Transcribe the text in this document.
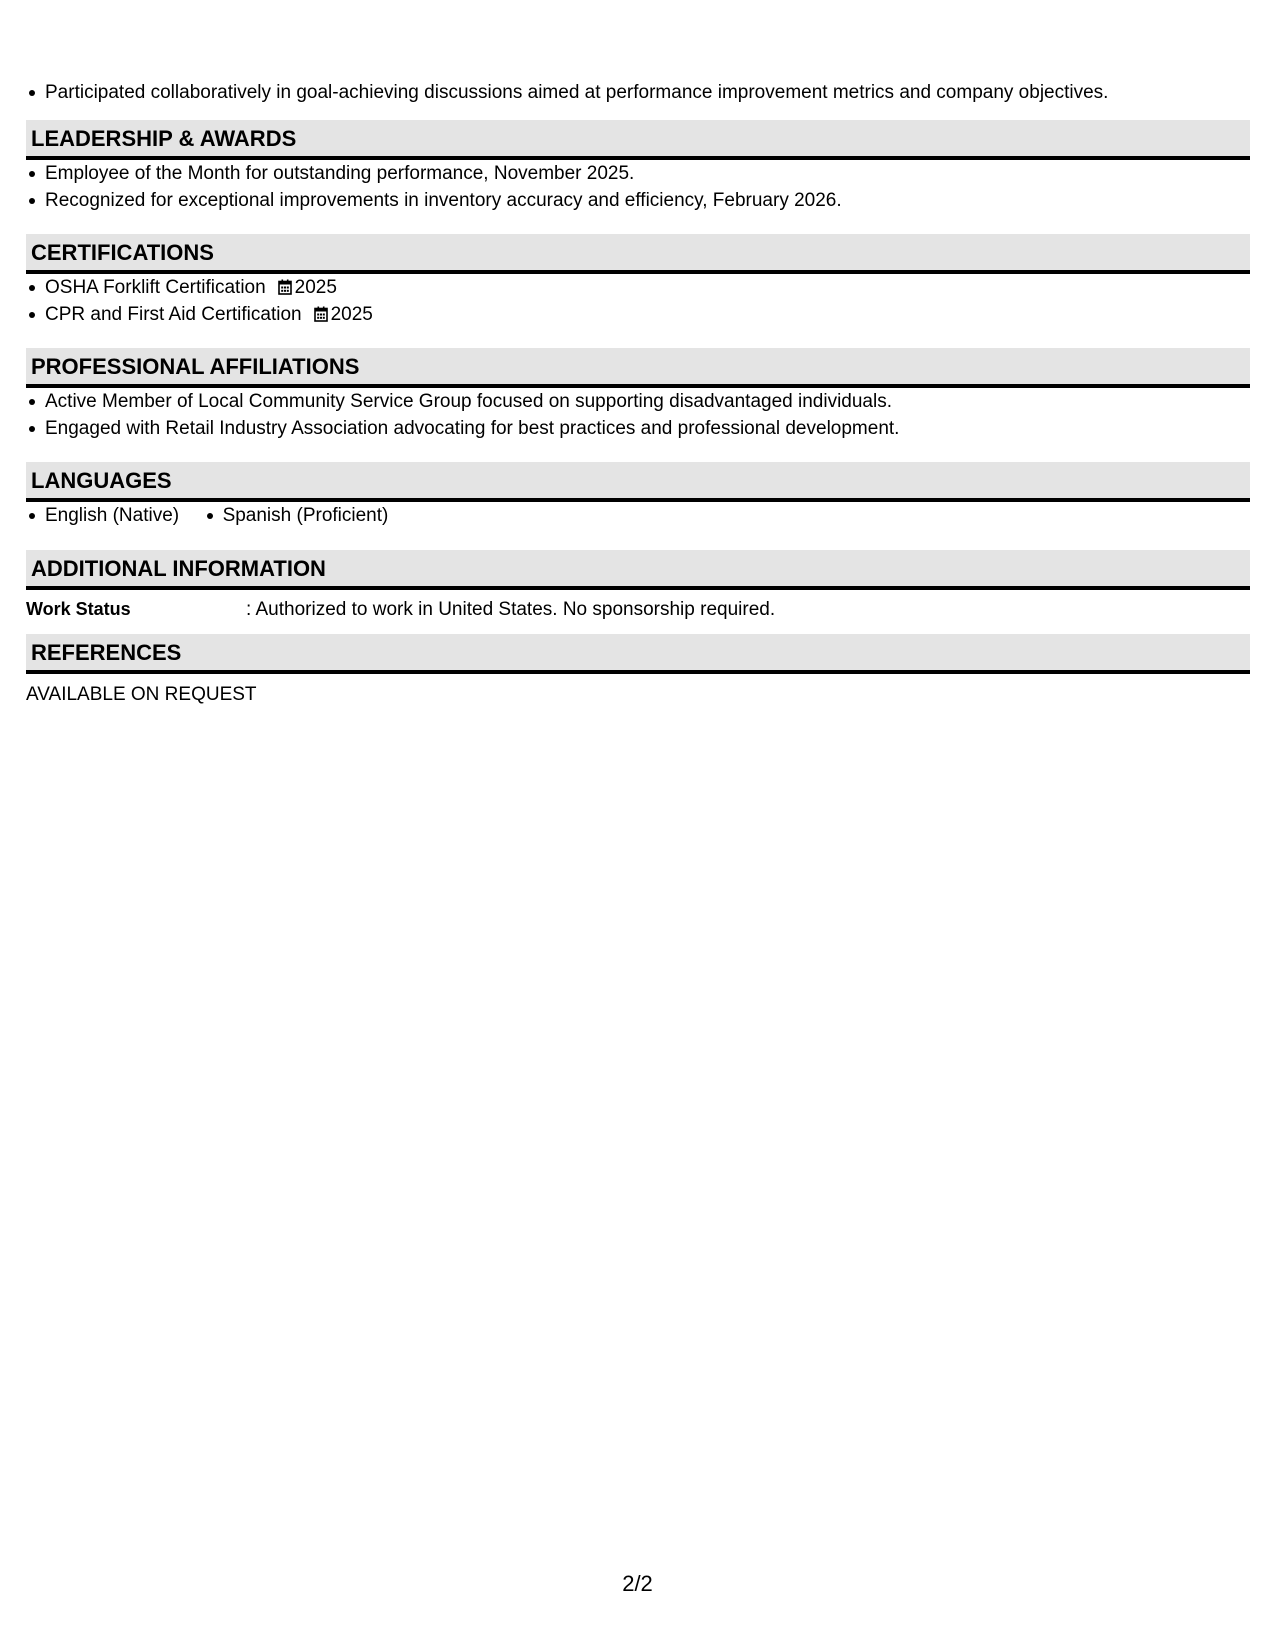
Participated collaboratively in goal-achieving discussions aimed at performance improvement metrics and company objectives.
LEADERSHIP & AWARDS
Employee of the Month for outstanding performance, November 2025.
Recognized for exceptional improvements in inventory accuracy and efficiency, February 2026.
CERTIFICATIONS
OSHA Forklift Certification 2025
CPR and First Aid Certification 2025
PROFESSIONAL AFFILIATIONS
Active Member of Local Community Service Group focused on supporting disadvantaged individuals.
Engaged with Retail Industry Association advocating for best practices and professional development.
LANGUAGES
English (Native) Spanish (Proficient)
ADDITIONAL INFORMATION
Work Status	: Authorized to work in United States. No sponsorship required.
REFERENCES
AVAILABLE ON REQUEST
2/2
